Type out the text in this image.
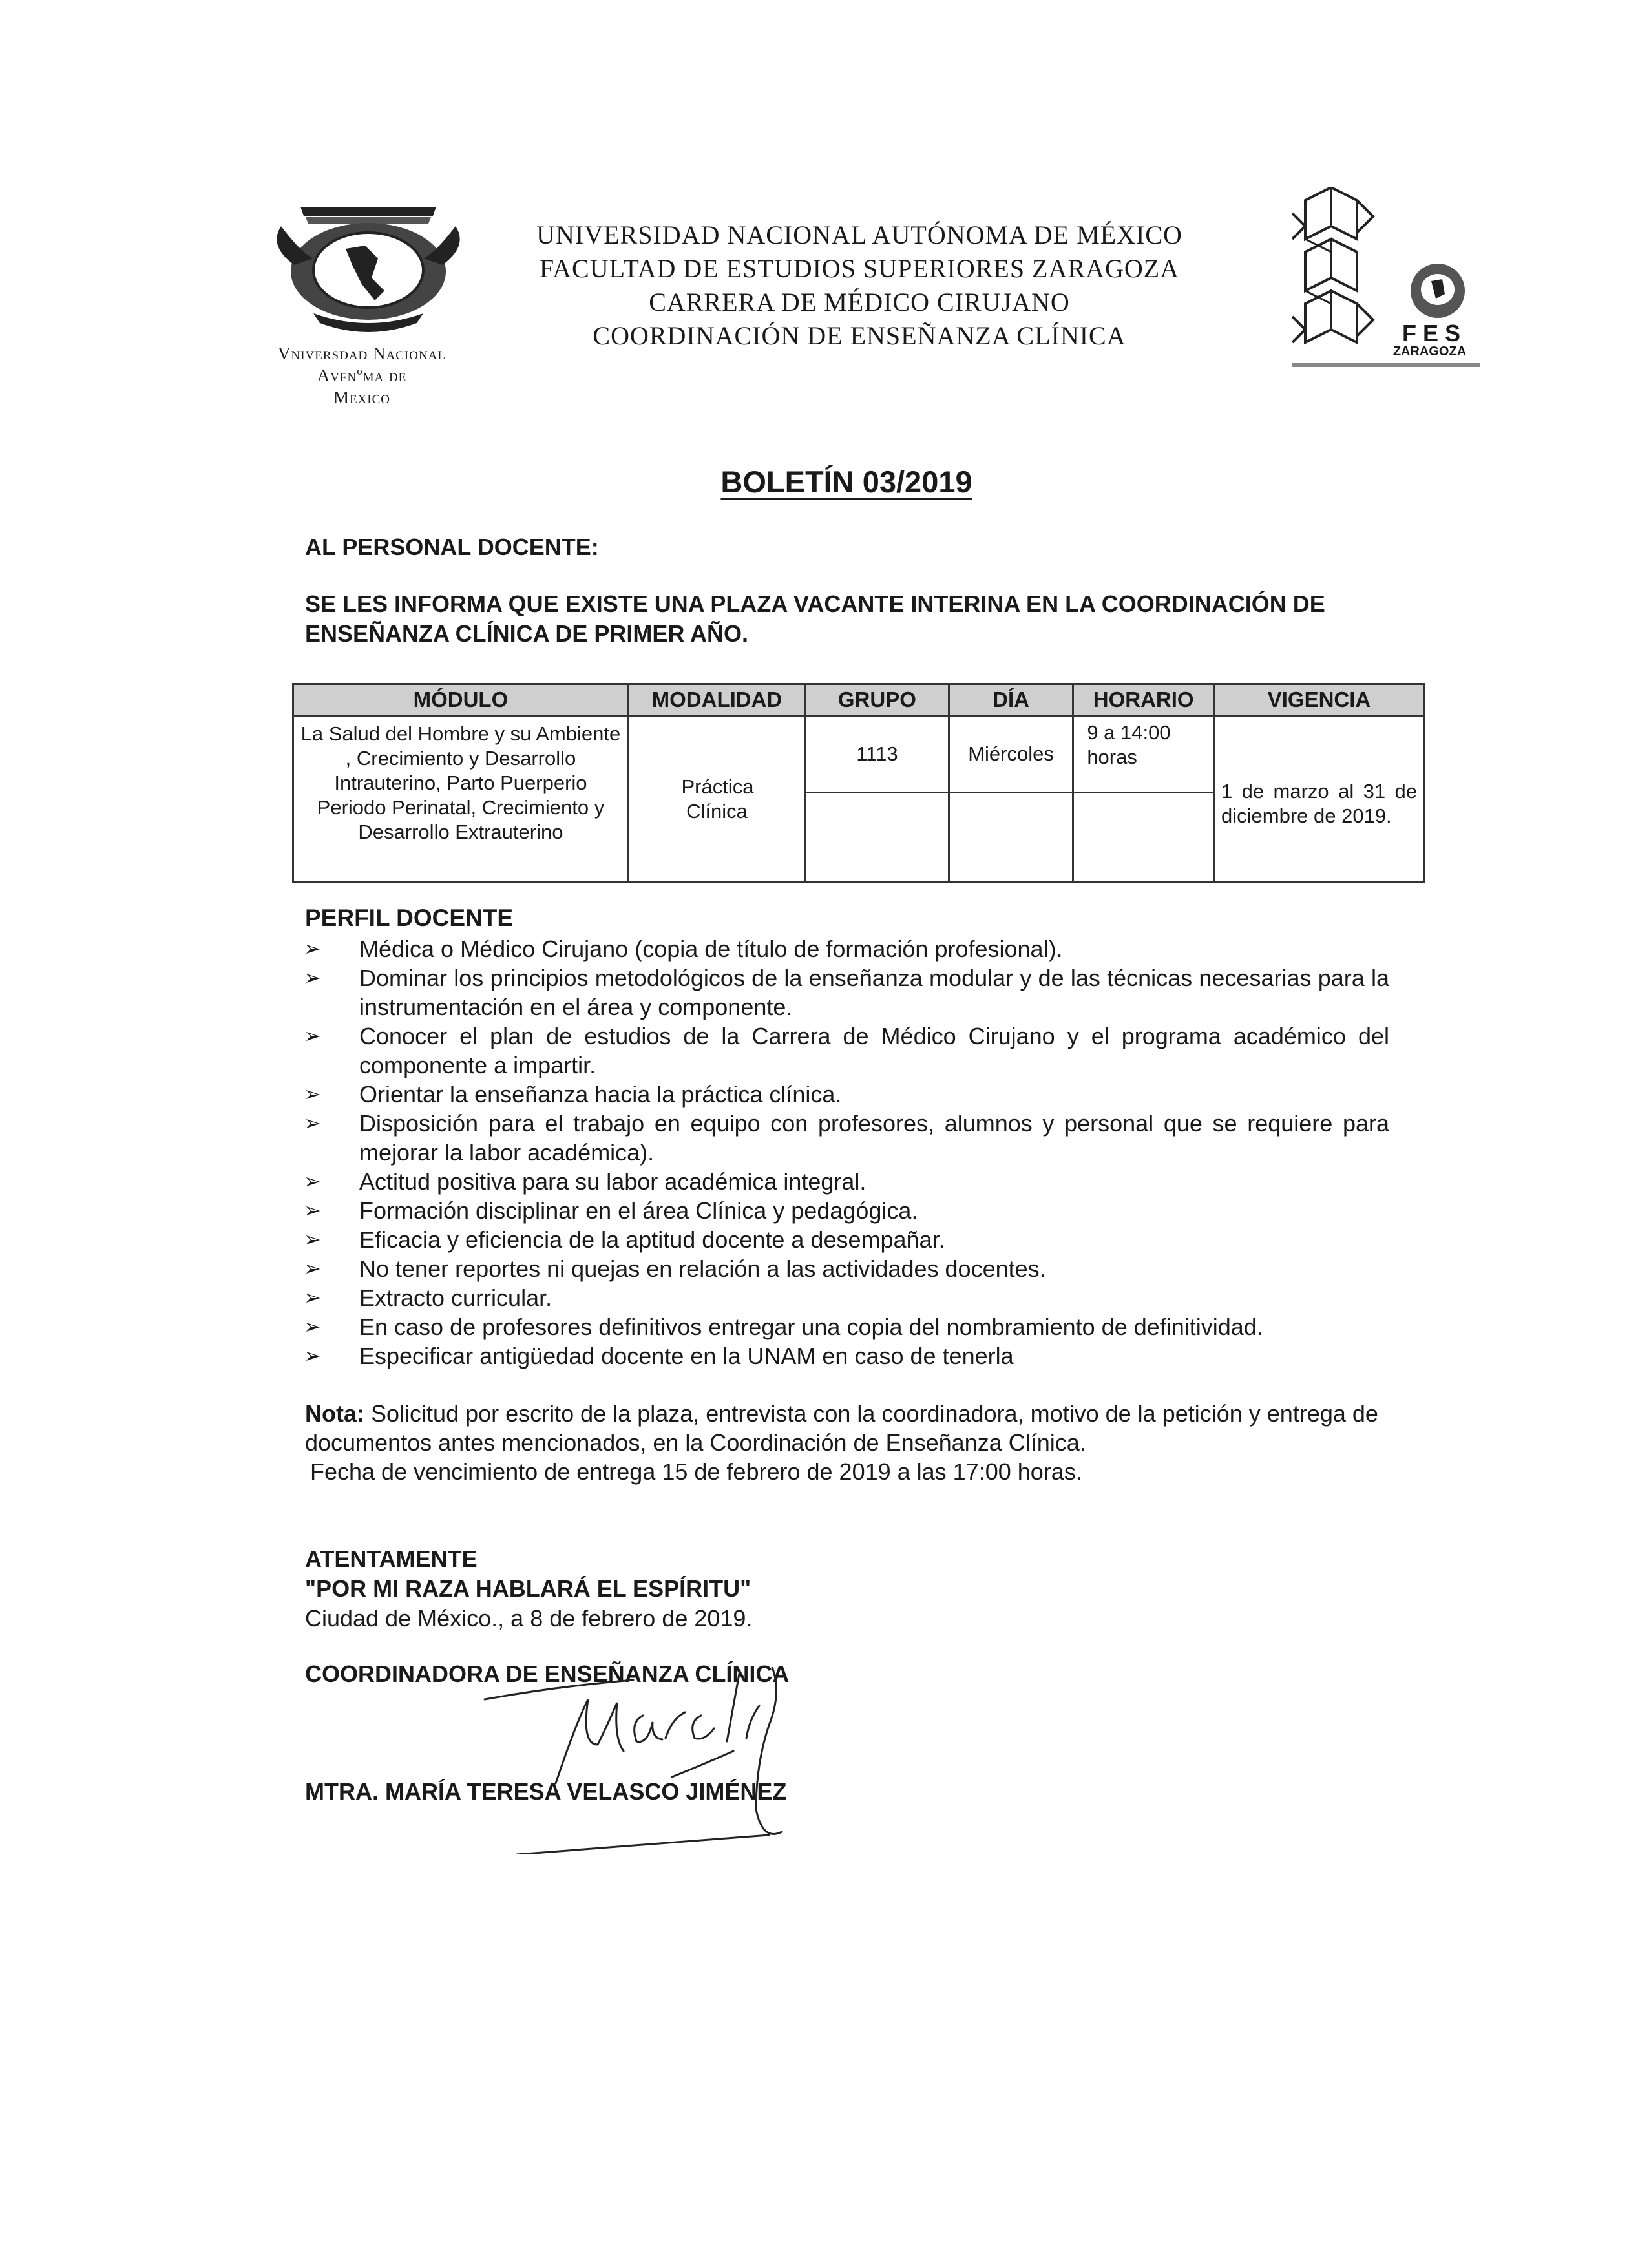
Vniversdad Nacional
Avfnºma de
Mexico
UNIVERSIDAD NACIONAL AUTÓNOMA DE MÉXICO
FACULTAD DE ESTUDIOS SUPERIORES ZARAGOZA
CARRERA DE MÉDICO CIRUJANO
COORDINACIÓN DE ENSEÑANZA CLÍNICA	FES
ZARAGOZA
BOLETÍN 03/2019
AL PERSONAL DOCENTE:
SE LES INFORMA QUE EXISTE UNA PLAZA VACANTE INTERINA EN LA COORDINACIÓN DE ENSEÑANZA CLÍNICA DE PRIMER AÑO.
MÓDULO	MODALIDAD	GRUPO	DÍA	HORARIO	VIGENCIA
La Salud del Hombre y su Ambiente , Crecimiento y Desarrollo Intrauterino, Parto Puerperio Periodo Perinatal, Crecimiento y Desarrollo Extrauterino	Práctica Clínica	1113	Miércoles	9 a 14:00 horas	1 de marzo al 31 de diciembre de 2019.

PERFIL DOCENTE
➢ Médica o Médico Cirujano (copia de título de formación profesional).
➢ Dominar los principios metodológicos de la enseñanza modular y de las técnicas necesarias para la instrumentación en el área y componente.
➢ Conocer el plan de estudios de la Carrera de Médico Cirujano y el programa académico del componente a impartir.
➢ Orientar la enseñanza hacia la práctica clínica.
➢ Disposición para el trabajo en equipo con profesores, alumnos y personal que se requiere para mejorar la labor académica).
➢ Actitud positiva para su labor académica integral.
➢ Formación disciplinar en el área Clínica y pedagógica.
➢ Eficacia y eficiencia de la aptitud docente a desempañar.
➢ No tener reportes ni quejas en relación a las actividades docentes.
➢ Extracto curricular.
➢ En caso de profesores definitivos entregar una copia del nombramiento de definitividad.
➢ Especificar antigüedad docente en la UNAM en caso de tenerla
Nota: Solicitud por escrito de la plaza, entrevista con la coordinadora, motivo de la petición y entrega de documentos antes mencionados, en la Coordinación de Enseñanza Clínica.
Fecha de vencimiento de entrega 15 de febrero de 2019 a las 17:00 horas.
ATENTAMENTE
"POR MI RAZA HABLARÁ EL ESPÍRITU"
Ciudad de México., a 8 de febrero de 2019.
COORDINADORA DE ENSEÑANZA CLÍNICA
MTRA. MARÍA TERESA VELASCO JIMÉNEZ
